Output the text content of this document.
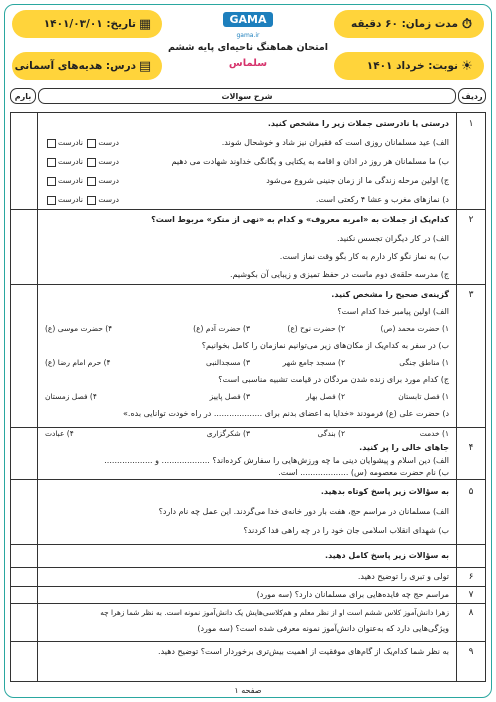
مدت زمان: ۶۰ دقیقه ⏱
تاریخ: ۱۴۰۱/۰۳/۰۱ ▦
نوبت: خرداد ۱۴۰۱ ☀
درس: هدیه‌های آسمانی ▤
GAMA
gama.ir
امتحان هماهنگ ناحیه‌ای پایه ششم
سلماس
بارم	شرح سوالات	ردیف
۱
درستی یا نادرستی جملات زیر را مشخص کنید.
الف) عید مسلمانان روزی است که فقیران نیز شاد و خوشحال شوند.
ب) ما مسلمانان هر روز در اذان و اقامه به یکتایی و یگانگی خداوند شهادت می دهیم
ج) اولین مرحله زندگی ما از زمان جنینی شروع می‌شود
د) نمازهای مغرب و عشا ۴ رکعتی است.
درست نادرست
درست نادرست
درست نادرست
درست نادرست
۲
کدام‌یک از جملات به «امربه معروف» و کدام به «نهی از منکر» مربوط است؟
الف) در کار دیگران تجسس نکنید.
ب) به نماز نگو کار دارم به کار بگو وقت نماز است.
ج) مدرسه حلقه‌ی دوم ماست در حفظ تمیزی و زیبایی آن بکوشیم.
۳
گزینه‌ی صحیح را مشخص کنید.
الف) اولین پیامبر خدا کدام است؟
۱) حضرت محمد (ص)
۲) حضرت نوح (ع)
۳) حضرت آدم (ع)
۴) حضرت موسی (ع)
ب) در سفر به کدام‌یک از مکان‌های زیر می‌توانیم نمازمان را کامل بخوانیم؟
۱) مناطق جنگی
۲) مسجد جامع شهر
۳) مسجدالنبی
۴) حرم امام رضا (ع)
ج) کدام مورد برای زنده شدن مردگان در قیامت تشبیه مناسبی است؟
۱) فصل تابستان
۲) فصل بهار
۳) فصل پاییز
۴) فصل زمستان
د) حضرت علی (ع) فرمودند «خدایا به اعضای بدنم برای ................... در راه خودت توانایی بده.»
۱) خدمت
۲) بندگی
۳) شکرگزاری
۴) عبادت
۴
جاهای خالی را پر کنید.
الف) دین اسلام و پیشوایان دینی ما چه ورزش‌هایی را سفارش کرده‌اند؟ ................... و ...................
ب) نام حضرت معصومه (س) ................... است.
۵
به سؤالات زیر پاسخ کوتاه بدهید.
الف) مسلمانان در مراسم حج، هفت بار دور خانه‌ی خدا می‌گردند. این عمل چه نام دارد؟
ب) شهدای انقلاب اسلامی جان خود را در چه راهی فدا کردند؟
به سؤالات زیر پاسخ کامل دهید.
۶
تولی و تبری را توضیح دهید.
۷
مراسم حج چه فایده‌هایی برای مسلمانان دارد؟ (سه مورد)
۸
زهرا دانش‌آموز کلاس ششم است او از نظر معلم و هم‌کلاسی‌هایش یک دانش‌آموز نمونه است. به نظر شما زهرا چه
ویژگی‌هایی دارد که به‌عنوان دانش‌آموز نمونه معرفی شده است؟ (سه مورد)
۹
به نظر شما کدام‌یک از گام‌های موفقیت از اهمیت بیش‌تری برخوردار است؟ توضیح دهید.
صفحه ۱
